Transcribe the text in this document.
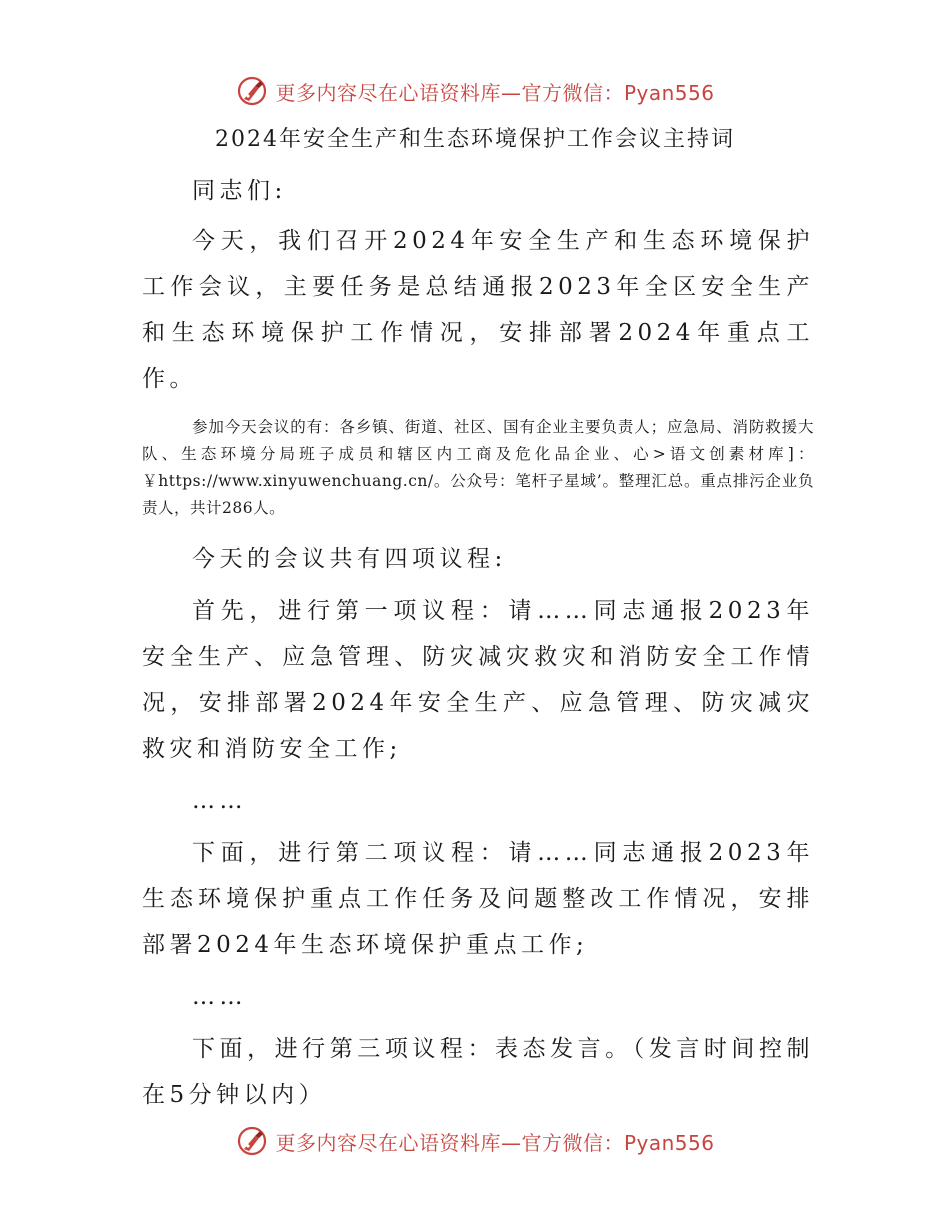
更多内容尽在心语资料库—官方微信：Pyan556
2024年安全生产和生态环境保护工作会议主持词

同志们:

今天，我们召开2024年安全生产和生态环境保护工作会议，主要任务是总结通报2023年全区安全生产和生态环境保护工作情况，安排部署2024年重点工作。

参加今天会议的有：各乡镇、街道、社区、国有企业主要负责人；应急局、消防救援大队、生态环境分局班子成员和辖区内工商及危化品企业、心>语文创素材库]：￥https://www.xinyuwenchuang.cn/。公众号：笔杆子星域’。整理汇总。重点排污企业负责人，共计286人。

今天的会议共有四项议程:

首先，进行第一项议程：请……同志通报2023年安全生产、应急管理、防灾减灾救灾和消防安全工作情况，安排部署2024年安全生产、应急管理、防灾减灾救灾和消防安全工作;

……

下面，进行第二项议程：请……同志通报2023年生态环境保护重点工作任务及问题整改工作情况，安排部署2024年生态环境保护重点工作;

……

下面，进行第三项议程：表态发言。（发言时间控制在5分钟以内）

更多内容尽在心语资料库—官方微信：Pyan556
